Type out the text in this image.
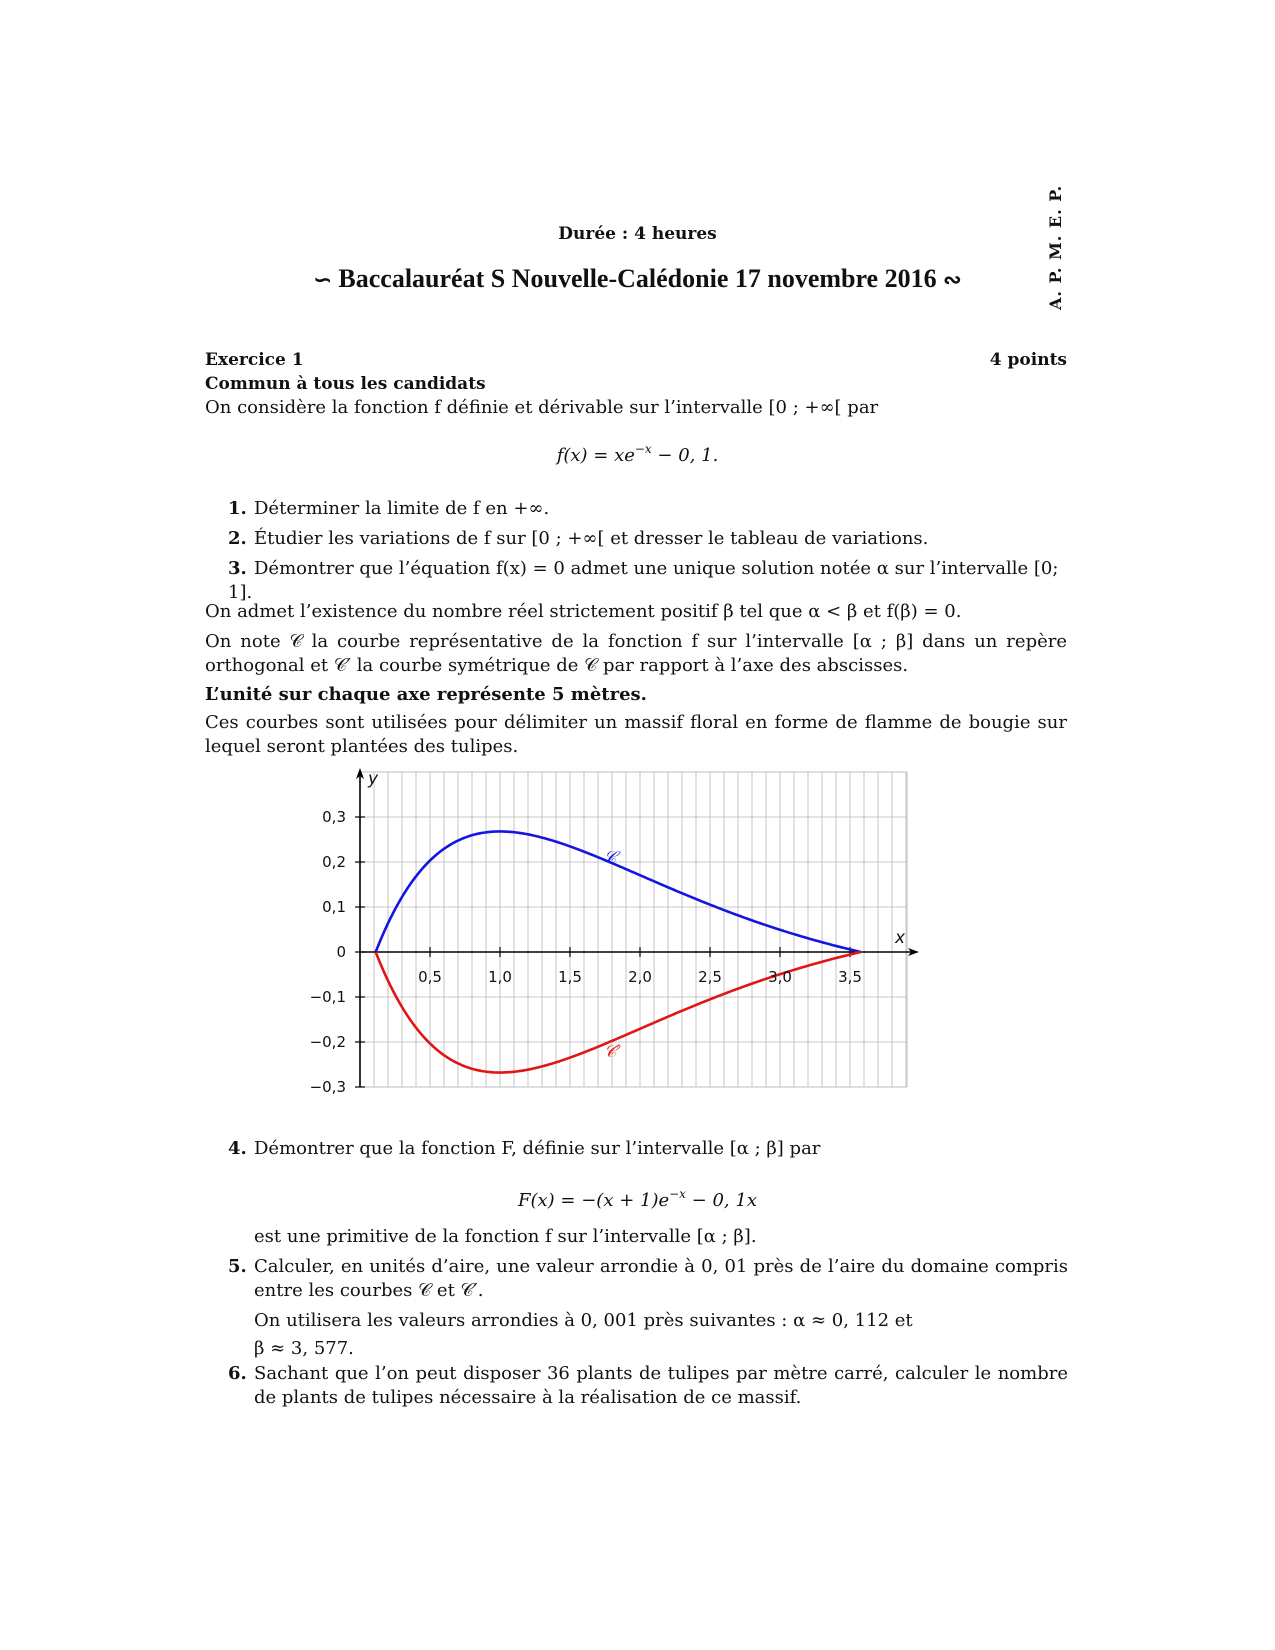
A. P. M. E. P.
Durée : 4 heures
∽ Baccalauréat S Nouvelle-Calédonie 17 novembre 2016 ∾
Exercice 1	4 points
Commun à tous les candidats
On considère la fonction f définie et dérivable sur l’intervalle [0 ; +∞[ par
$f(x) = xe^{-x} - 0$, 1.
1. Déterminer la limite de f en +∞.
2. Étudier les variations de f sur [0 ; +∞[ et dresser le tableau de variations.
3. Démontrer que l’équation f(x) = 0 admet une unique solution notée α sur l’intervalle [0; 1].
On admet l’existence du nombre réel strictement positif β tel que α < β et f(β) = 0.
On note 𝒞 la courbe représentative de la fonction f sur l’intervalle [α ; β] dans un repère orthogonal et 𝒞′ la courbe symétrique de 𝒞 par rapport à l’axe des abscisses.
L’unité sur chaque axe représente 5 mètres.
Ces courbes sont utilisées pour délimiter un massif floral en forme de flamme de bougie sur lequel seront plantées des tulipes.
0,5	1,0	1,5	2,0	2,5	3,0	3,5
0,3
0,2
0,1
0
−0,1
−0,2
−0,3
x
y
𝒞
𝒞′
4. Démontrer que la fonction F, définie sur l’intervalle [α ; β] par
$F(x) = -(x + 1)e^{-x} - 0$, 1x
est une primitive de la fonction f sur l’intervalle [α ; β].
5. Calculer, en unités d’aire, une valeur arrondie à 0, 01 près de l’aire du domaine compris entre les courbes 𝒞 et 𝒞′.
On utilisera les valeurs arrondies à 0, 001 près suivantes : α ≈ 0, 112 et
β ≈ 3, 577.
6. Sachant que l’on peut disposer 36 plants de tulipes par mètre carré, calculer le nombre de plants de tulipes nécessaire à la réalisation de ce massif.
